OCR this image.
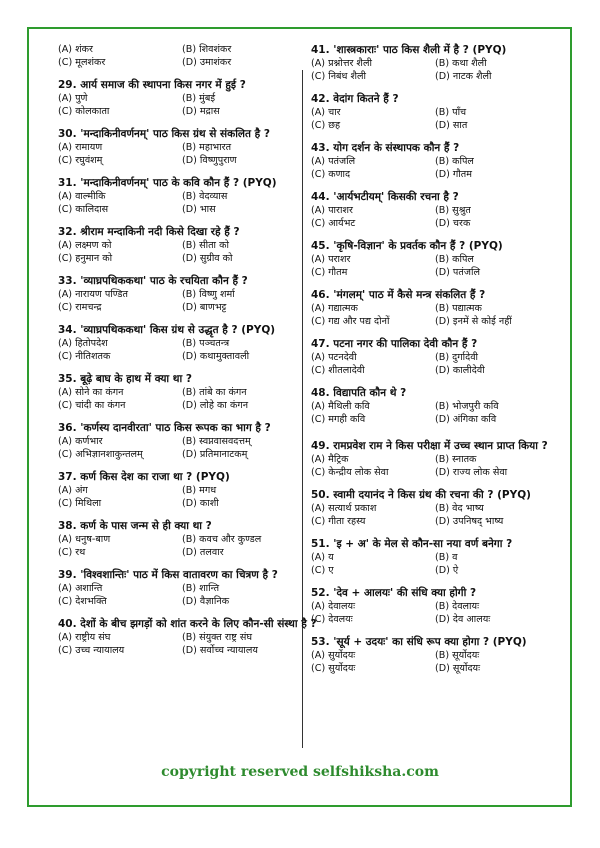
(A) शंकर	(B) शिवशंकर
(C) मूलशंकर	(D) उमाशंकर
29. आर्य समाज की स्थापना किस नगर में हुई ?
(A) पुणे	(B) मुंबई
(C) कोलकाता	(D) मद्रास
30. 'मन्दाकिनीवर्णनम्' पाठ किस ग्रंथ से संकलित है ?
(A) रामायण	(B) महाभारत
(C) रघुवंशम्	(D) विष्णुपुराण
31. 'मन्दाकिनीवर्णनम्' पाठ के कवि कौन हैं ? (PYQ)
(A) वाल्मीकि	(B) वेदव्यास
(C) कालिदास	(D) भास
32. श्रीराम मन्दाकिनी नदी किसे दिखा रहे हैं ?
(A) लक्ष्मण को	(B) सीता को
(C) हनुमान को	(D) सुग्रीव को
33. 'व्याघ्रपथिककथा' पाठ के रचयिता कौन हैं ?
(A) नारायण पण्डित	(B) विष्णु शर्मा
(C) रामचन्द्र	(D) बाणभट्ट
34. 'व्याघ्रपथिककथा' किस ग्रंथ से उद्धृत है ? (PYQ)
(A) हितोपदेश	(B) पञ्चतन्त्र
(C) नीतिशतक	(D) कथामुक्तावली
35. बूढ़े बाघ के हाथ में क्या था ?
(A) सोने का कंगन	(B) तांबे का कंगन
(C) चांदी का कंगन	(D) लोहे का कंगन
36. 'कर्णस्य दानवीरता' पाठ किस रूपक का भाग है ?
(A) कर्णभार	(B) स्वप्नवासवदत्तम्
(C) अभिज्ञानशाकुन्तलम्	(D) प्रतिमानाटकम्
37. कर्ण किस देश का राजा था ? (PYQ)
(A) अंग	(B) मगध
(C) मिथिला	(D) काशी
38. कर्ण के पास जन्म से ही क्या था ?
(A) धनुष-बाण	(B) कवच और कुण्डल
(C) रथ	(D) तलवार
39. 'विश्वशान्तिः' पाठ में किस वातावरण का चित्रण है ?
(A) अशान्ति	(B) शान्ति
(C) देशभक्ति	(D) वैज्ञानिक
40. देशों के बीच झगड़ों को शांत करने के लिए कौन-सी संस्था है ?
(A) राष्ट्रीय संघ	(B) संयुक्त राष्ट्र संघ
(C) उच्च न्यायालय	(D) सर्वोच्च न्यायालय
41. 'शास्त्रकाराः' पाठ किस शैली में है ? (PYQ)
(A) प्रश्नोत्तर शैली	(B) कथा शैली
(C) निबंध शैली	(D) नाटक शैली
42. वेदांग कितने हैं ?
(A) चार	(B) पाँच
(C) छह	(D) सात
43. योग दर्शन के संस्थापक कौन हैं ?
(A) पतंजलि	(B) कपिल
(C) कणाद	(D) गौतम
44. 'आर्यभटीयम्' किसकी रचना है ?
(A) पाराशर	(B) सुश्रुत
(C) आर्यभट	(D) चरक
45. 'कृषि-विज्ञान' के प्रवर्तक कौन हैं ? (PYQ)
(A) पराशर	(B) कपिल
(C) गौतम	(D) पतंजलि
46. 'मंगलम्' पाठ में कैसे मन्त्र संकलित हैं ?
(A) गद्यात्मक	(B) पद्यात्मक
(C) गद्य और पद्य दोनों	(D) इनमें से कोई नहीं
47. पटना नगर की पालिका देवी कौन हैं ?
(A) पटनदेवी	(B) दुर्गादेवी
(C) शीतलादेवी	(D) कालीदेवी
48. विद्यापति कौन थे ?
(A) मैथिली कवि	(B) भोजपुरी कवि
(C) मगही कवि	(D) अंगिका कवि
49. रामप्रवेश राम ने किस परीक्षा में उच्च स्थान प्राप्त किया ?
(A) मैट्रिक	(B) स्नातक
(C) केन्द्रीय लोक सेवा	(D) राज्य लोक सेवा
50. स्वामी दयानंद ने किस ग्रंथ की रचना की ? (PYQ)
(A) सत्यार्थ प्रकाश	(B) वेद भाष्य
(C) गीता रहस्य	(D) उपनिषद् भाष्य
51. 'इ + अ' के मेल से कौन-सा नया वर्ण बनेगा ?
(A) य	(B) व
(C) ए	(D) ऐ
52. 'देव + आलयः' की संधि क्या होगी ?
(A) देवालयः	(B) देवलायः
(C) देवलयः	(D) देव आलयः
53. 'सूर्य + उदयः' का संधि रूप क्या होगा ? (PYQ)
(A) सुर्योदयः	(B) सूर्योदयः
(C) सुर्योदयः	(D) सूर्योदयः
copyright reserved selfshiksha.com
